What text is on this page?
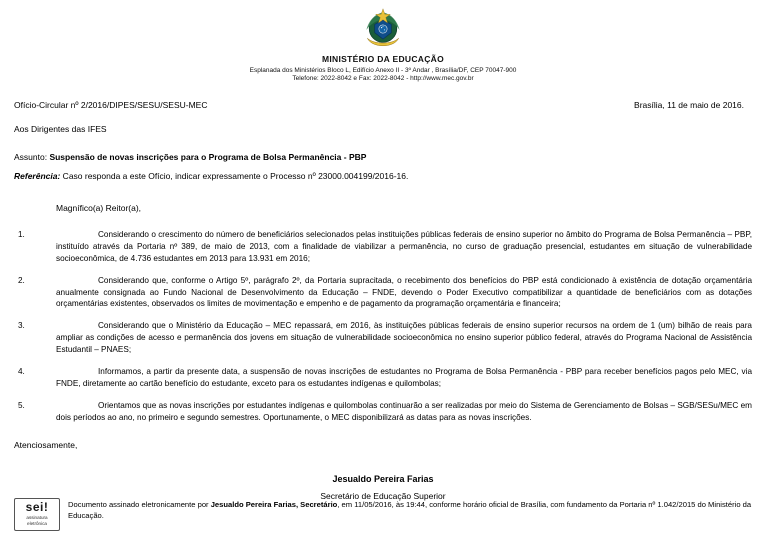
MINISTÉRIO DA EDUCAÇÃO
Esplanada dos Ministérios Bloco L, Edifício Anexo II - 3º Andar , Brasília/DF, CEP 70047-900
Telefone: 2022-8042 e Fax: 2022-8042 - http://www.mec.gov.br
Ofício-Circular nº 2/2016/DIPES/SESU/SESU-MEC	Brasília, 11 de maio de 2016.
Aos Dirigentes das IFES
Assunto: Suspensão de novas inscrições para o Programa de Bolsa Permanência - PBP
Referência: Caso responda a este Ofício, indicar expressamente o Processo nº 23000.004199/2016-16.
Magnífico(a) Reitor(a),
1.	Considerando o crescimento do número de beneficiários selecionados pelas instituições públicas federais de ensino superior no âmbito do Programa de Bolsa Permanência – PBP, instituído através da Portaria nº 389, de maio de 2013, com a finalidade de viabilizar a permanência, no curso de graduação presencial, estudantes em situação de vulnerabilidade socioeconômica, de 4.736 estudantes em 2013 para 13.931 em 2016;
2.	Considerando que, conforme o Artigo 5º, parágrafo 2º, da Portaria supracitada, o recebimento dos benefícios do PBP está condicionado à existência de dotação orçamentária anualmente consignada ao Fundo Nacional de Desenvolvimento da Educação – FNDE, devendo o Poder Executivo compatibilizar a quantidade de beneficiários com as dotações orçamentárias existentes, observados os limites de movimentação e empenho e de pagamento da programação orçamentária e financeira;
3.	Considerando que o Ministério da Educação – MEC repassará, em 2016, às instituições públicas federais de ensino superior recursos na ordem de 1 (um) bilhão de reais para ampliar as condições de acesso e permanência dos jovens em situação de vulnerabilidade socioeconômica no ensino superior público federal, através do Programa Nacional de Assistência Estudantil – PNAES;
4.	Informamos, a partir da presente data, a suspensão de novas inscrições de estudantes no Programa de Bolsa Permanência - PBP para receber benefícios pagos pelo MEC, via FNDE, diretamente ao cartão benefício do estudante, exceto para os estudantes indígenas e quilombolas;
5.	Orientamos que as novas inscrições por estudantes indígenas e quilombolas continuarão a ser realizadas por meio do Sistema de Gerenciamento de Bolsas – SGB/SESu/MEC em dois períodos ao ano, no primeiro e segundo semestres. Oportunamente, o MEC disponibilizará as datas para as novas inscrições.
Atenciosamente,
Jesualdo Pereira Farias
Secretário de Educação Superior
sei!
assinatura
eletrônica
Documento assinado eletronicamente por Jesualdo Pereira Farias, Secretário, em 11/05/2016, às 19:44, conforme horário oficial de Brasília, com fundamento da Portaria nº 1.042/2015 do Ministério da Educação.
